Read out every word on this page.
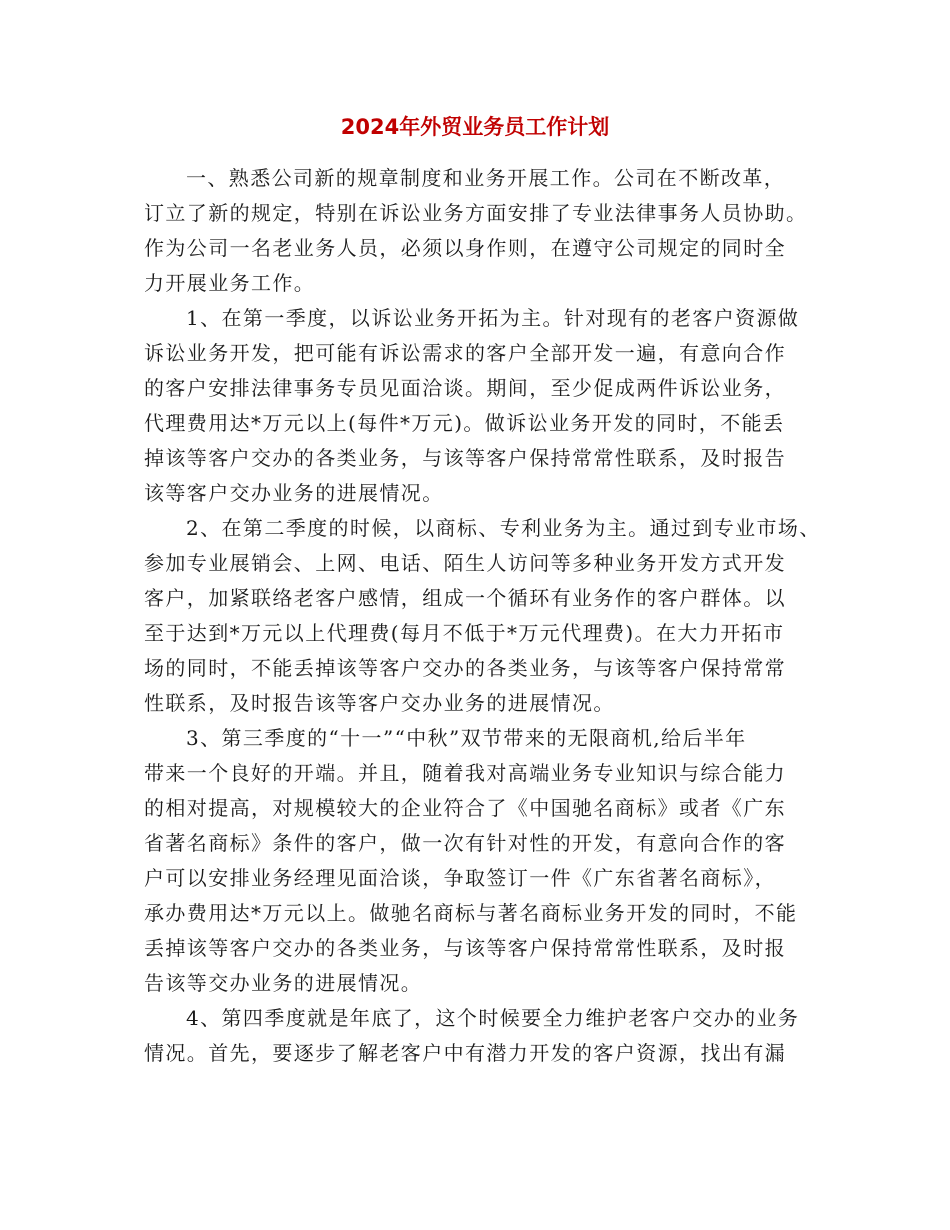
2024年外贸业务员工作计划
一、熟悉公司新的规章制度和业务开展工作。公司在不断改革，
订立了新的规定，特别在诉讼业务方面安排了专业法律事务人员协助。
作为公司一名老业务人员，必须以身作则，在遵守公司规定的同时全
力开展业务工作。
1、在第一季度，以诉讼业务开拓为主。针对现有的老客户资源做
诉讼业务开发，把可能有诉讼需求的客户全部开发一遍，有意向合作
的客户安排法律事务专员见面洽谈。期间，至少促成两件诉讼业务，
代理费用达*万元以上(每件*万元)。做诉讼业务开发的同时，不能丢
掉该等客户交办的各类业务，与该等客户保持常常性联系，及时报告
该等客户交办业务的进展情况。
2、在第二季度的时候，以商标、专利业务为主。通过到专业市场、
参加专业展销会、上网、电话、陌生人访问等多种业务开发方式开发
客户，加紧联络老客户感情，组成一个循环有业务作的客户群体。以
至于达到*万元以上代理费(每月不低于*万元代理费)。在大力开拓市
场的同时，不能丢掉该等客户交办的各类业务，与该等客户保持常常
性联系，及时报告该等客户交办业务的进展情况。
3、第三季度的“十一”“中秋”双节带来的无限商机,给后半年
带来一个良好的开端。并且，随着我对高端业务专业知识与综合能力
的相对提高，对规模较大的企业符合了《中国驰名商标》或者《广东
省著名商标》条件的客户，做一次有针对性的开发，有意向合作的客
户可以安排业务经理见面洽谈，争取签订一件《广东省著名商标》，
承办费用达*万元以上。做驰名商标与著名商标业务开发的同时，不能
丢掉该等客户交办的各类业务，与该等客户保持常常性联系，及时报
告该等交办业务的进展情况。
4、第四季度就是年底了，这个时候要全力维护老客户交办的业务
情况。首先，要逐步了解老客户中有潜力开发的客户资源，找出有漏
